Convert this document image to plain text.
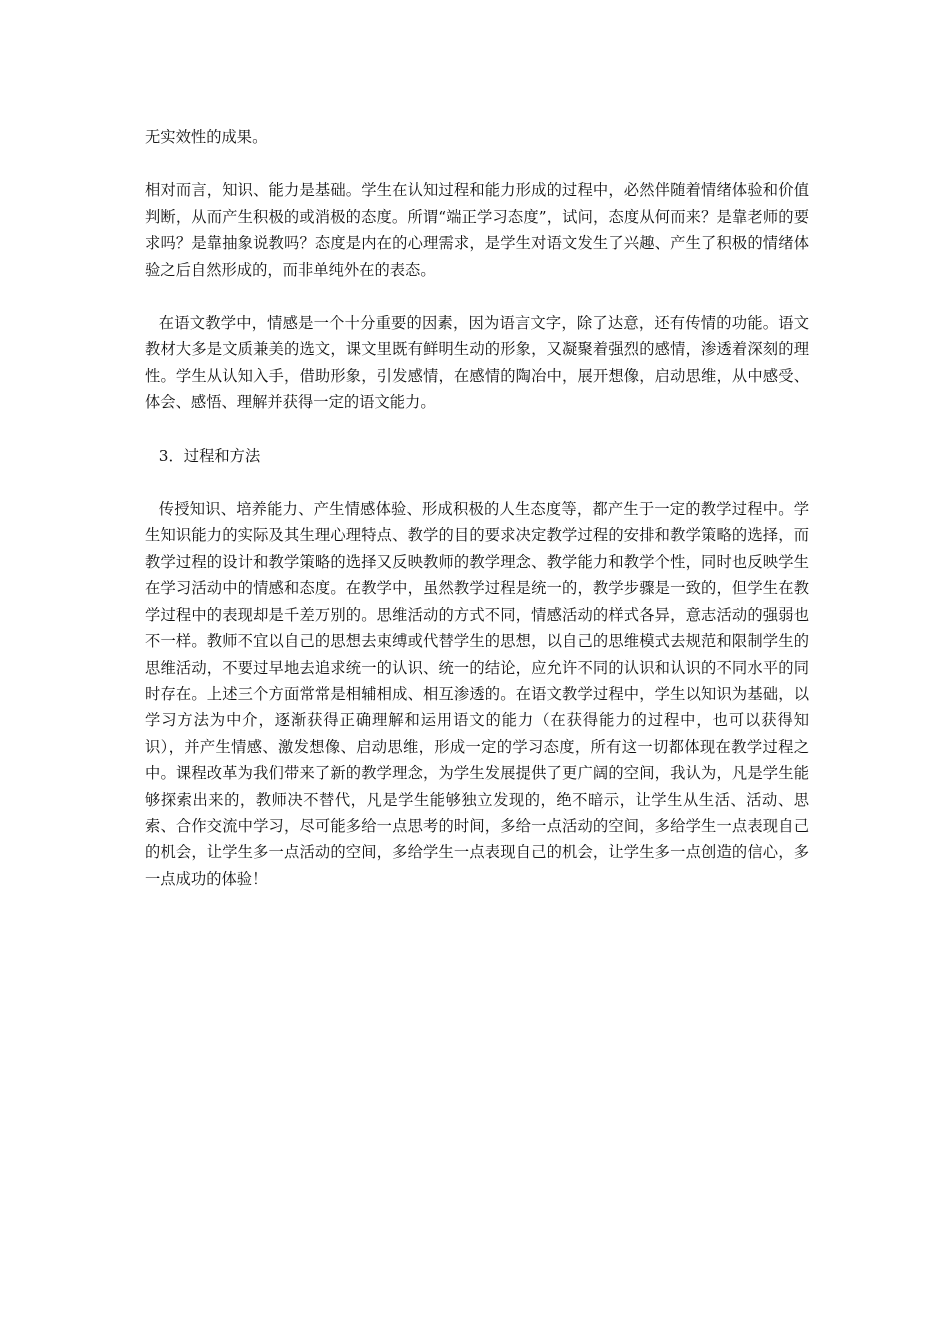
无实效性的成果。

相对而言，知识、能力是基础。学生在认知过程和能力形成的过程中，必然伴随着情绪体验和价值判断，从而产生积极的或消极的态度。所谓“端正学习态度”，试问，态度从何而来？是靠老师的要求吗？是靠抽象说教吗？态度是内在的心理需求，是学生对语文发生了兴趣、产生了积极的情绪体验之后自然形成的，而非单纯外在的表态。

在语文教学中，情感是一个十分重要的因素，因为语言文字，除了达意，还有传情的功能。语文教材大多是文质兼美的选文，课文里既有鲜明生动的形象，又凝聚着强烈的感情，渗透着深刻的理性。学生从认知入手，借助形象，引发感情，在感情的陶冶中，展开想像，启动思维，从中感受、体会、感悟、理解并获得一定的语文能力。

3．过程和方法

传授知识、培养能力、产生情感体验、形成积极的人生态度等，都产生于一定的教学过程中。学生知识能力的实际及其生理心理特点、教学的目的要求决定教学过程的安排和教学策略的选择，而教学过程的设计和教学策略的选择又反映教师的教学理念、教学能力和教学个性，同时也反映学生在学习活动中的情感和态度。在教学中，虽然教学过程是统一的，教学步骤是一致的，但学生在教学过程中的表现却是千差万别的。思维活动的方式不同，情感活动的样式各异，意志活动的强弱也不一样。教师不宜以自己的思想去束缚或代替学生的思想，以自己的思维模式去规范和限制学生的思维活动，不要过早地去追求统一的认识、统一的结论，应允许不同的认识和认识的不同水平的同时存在。上述三个方面常常是相辅相成、相互渗透的。在语文教学过程中，学生以知识为基础，以学习方法为中介，逐渐获得正确理解和运用语文的能力（在获得能力的过程中，也可以获得知识），并产生情感、激发想像、启动思维，形成一定的学习态度，所有这一切都体现在教学过程之中。课程改革为我们带来了新的教学理念，为学生发展提供了更广阔的空间，我认为，凡是学生能够探索出来的，教师决不替代，凡是学生能够独立发现的，绝不暗示，让学生从生活、活动、思索、合作交流中学习，尽可能多给一点思考的时间，多给一点活动的空间，多给学生一点表现自己的机会，让学生多一点活动的空间，多给学生一点表现自己的机会，让学生多一点创造的信心，多一点成功的体验！
